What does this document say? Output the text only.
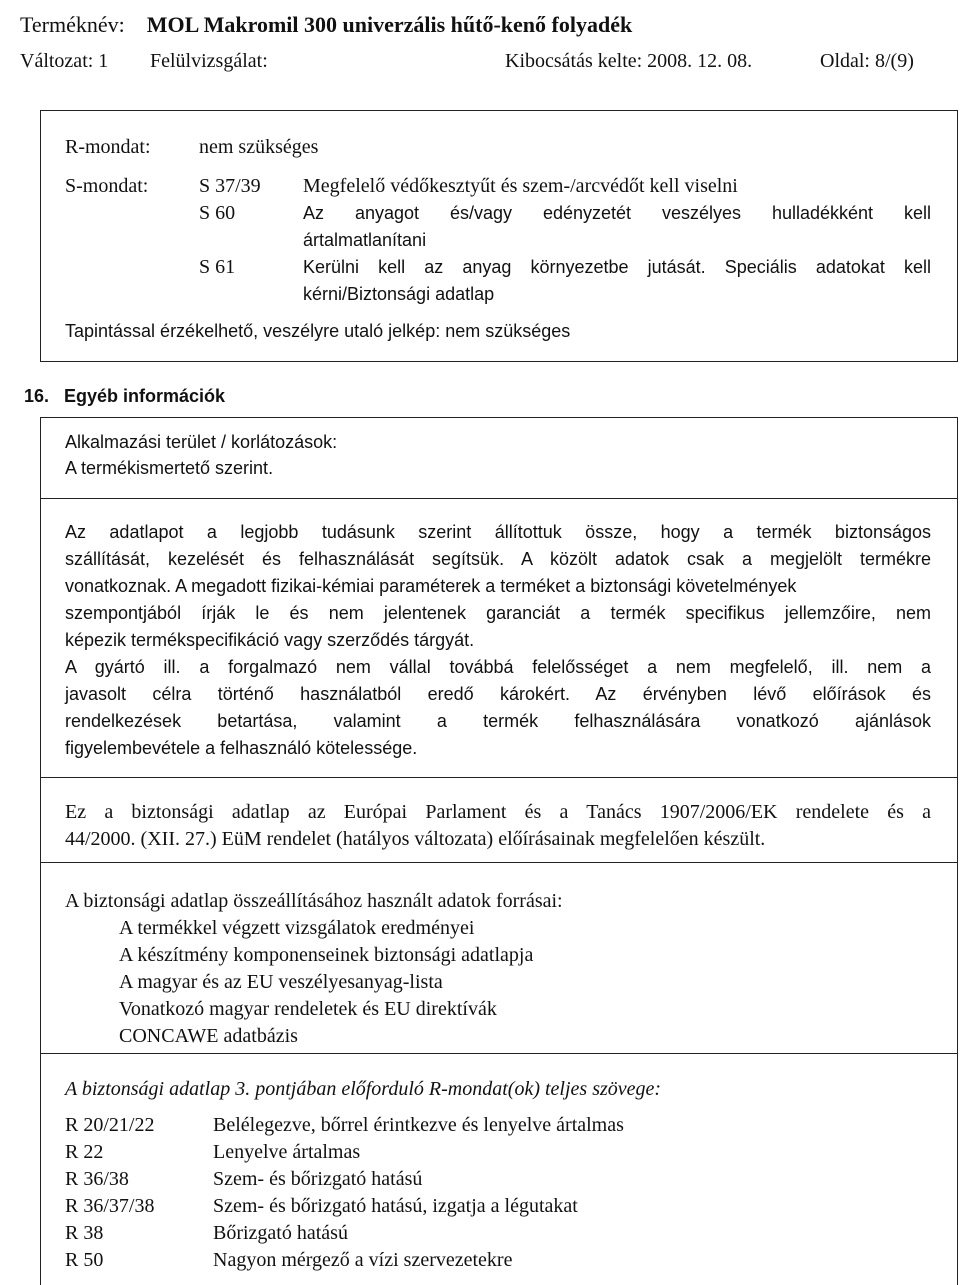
Terméknév: MOL Makromil 300 univerzális hűtő-kenő folyadék
Változat: 1 Felülvizsgálat:	Kibocsátás kelte: 2008. 12. 08.	Oldal: 8/(9)
R-mondat: nem szükséges
S-mondat:	S 37/39 Megfelelő védőkesztyűt és szem-/arcvédőt kell viselni
S 60	Az anyagot és/vagy edényzetét veszélyes hulladékként kell
ártalmatlanítani
S 61	Kerülni kell az anyag környezetbe jutását. Speciális adatokat kell
kérni/Biztonsági adatlap
Tapintással érzékelhető, veszélyre utaló jelkép: nem szükséges
16. Egyéb információk
Alkalmazási terület / korlátozások:
A termékismertető szerint.
Az adatlapot a legjobb tudásunk szerint állítottuk össze, hogy a termék biztonságos
szállítását, kezelését és felhasználását segítsük. A közölt adatok csak a megjelölt termékre
vonatkoznak. A megadott fizikai-kémiai paraméterek a terméket a biztonsági követelmények
szempontjából írják le és nem jelentenek garanciát a termék specifikus jellemzőire, nem
képezik termékspecifikáció vagy szerződés tárgyát.
A gyártó ill. a forgalmazó nem vállal továbbá felelősséget a nem megfelelő, ill. nem a
javasolt célra történő használatból eredő károkért. Az érvényben lévő előírások és
rendelkezések betartása, valamint a termék felhasználására vonatkozó ajánlások
figyelembevétele a felhasználó kötelessége.
Ez a biztonsági adatlap az Európai Parlament és a Tanács 1907/2006/EK rendelete és a
44/2000. (XII. 27.) EüM rendelet (hatályos változata) előírásainak megfelelően készült.
A biztonsági adatlap összeállításához használt adatok forrásai:
A termékkel végzett vizsgálatok eredményei
A készítmény komponenseinek biztonsági adatlapja
A magyar és az EU veszélyesanyag-lista
Vonatkozó magyar rendeletek és EU direktívák
CONCAWE adatbázis
A biztonsági adatlap 3. pontjában előforduló R-mondat(ok) teljes szövege:
R 20/21/22	Belélegezve, bőrrel érintkezve és lenyelve ártalmas
R 22	Lenyelve ártalmas
R 36/38	Szem- és bőrizgató hatású
R 36/37/38	Szem- és bőrizgató hatású, izgatja a légutakat
R 38	Bőrizgató hatású
R 50	Nagyon mérgező a vízi szervezetekre
